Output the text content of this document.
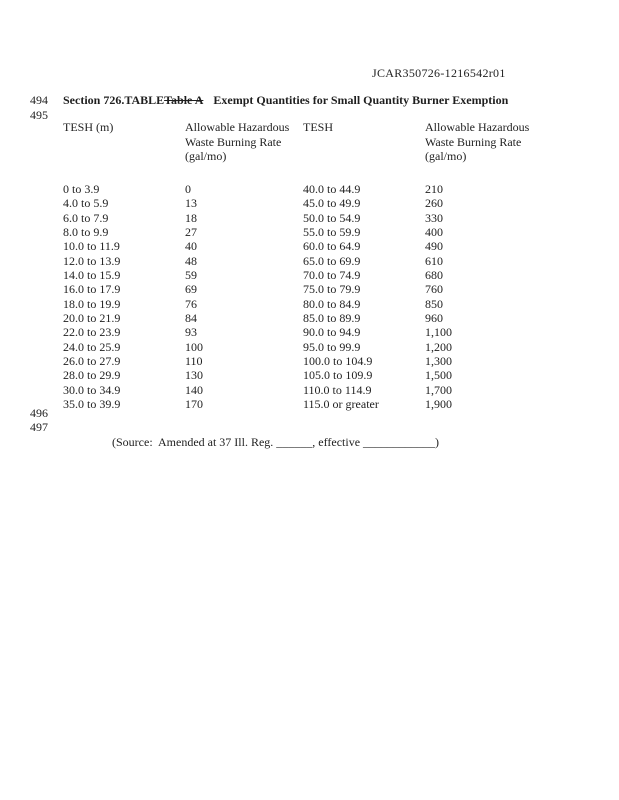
JCAR350726-1216542r01
494
495
496
497
Section 726.TABLETable A Exempt Quantities for Small Quantity Burner Exemption
TESH (m)	Allowable Hazardous Waste Burning Rate (gal/mo)	TESH	Allowable Hazardous Waste Burning Rate (gal/mo)
0 to 3.9	0	40.0 to 44.9	210
4.0 to 5.9	13	45.0 to 49.9	260
6.0 to 7.9	18	50.0 to 54.9	330
8.0 to 9.9	27	55.0 to 59.9	400
10.0 to 11.9	40	60.0 to 64.9	490
12.0 to 13.9	48	65.0 to 69.9	610
14.0 to 15.9	59	70.0 to 74.9	680
16.0 to 17.9	69	75.0 to 79.9	760
18.0 to 19.9	76	80.0 to 84.9	850
20.0 to 21.9	84	85.0 to 89.9	960
22.0 to 23.9	93	90.0 to 94.9	1,100
24.0 to 25.9	100	95.0 to 99.9	1,200
26.0 to 27.9	110	100.0 to 104.9	1,300
28.0 to 29.9	130	105.0 to 109.9	1,500
30.0 to 34.9	140	110.0 to 114.9	1,700
35.0 to 39.9	170	115.0 or greater	1,900

(Source:  Amended at 37 Ill. Reg. ______, effective ____________)
